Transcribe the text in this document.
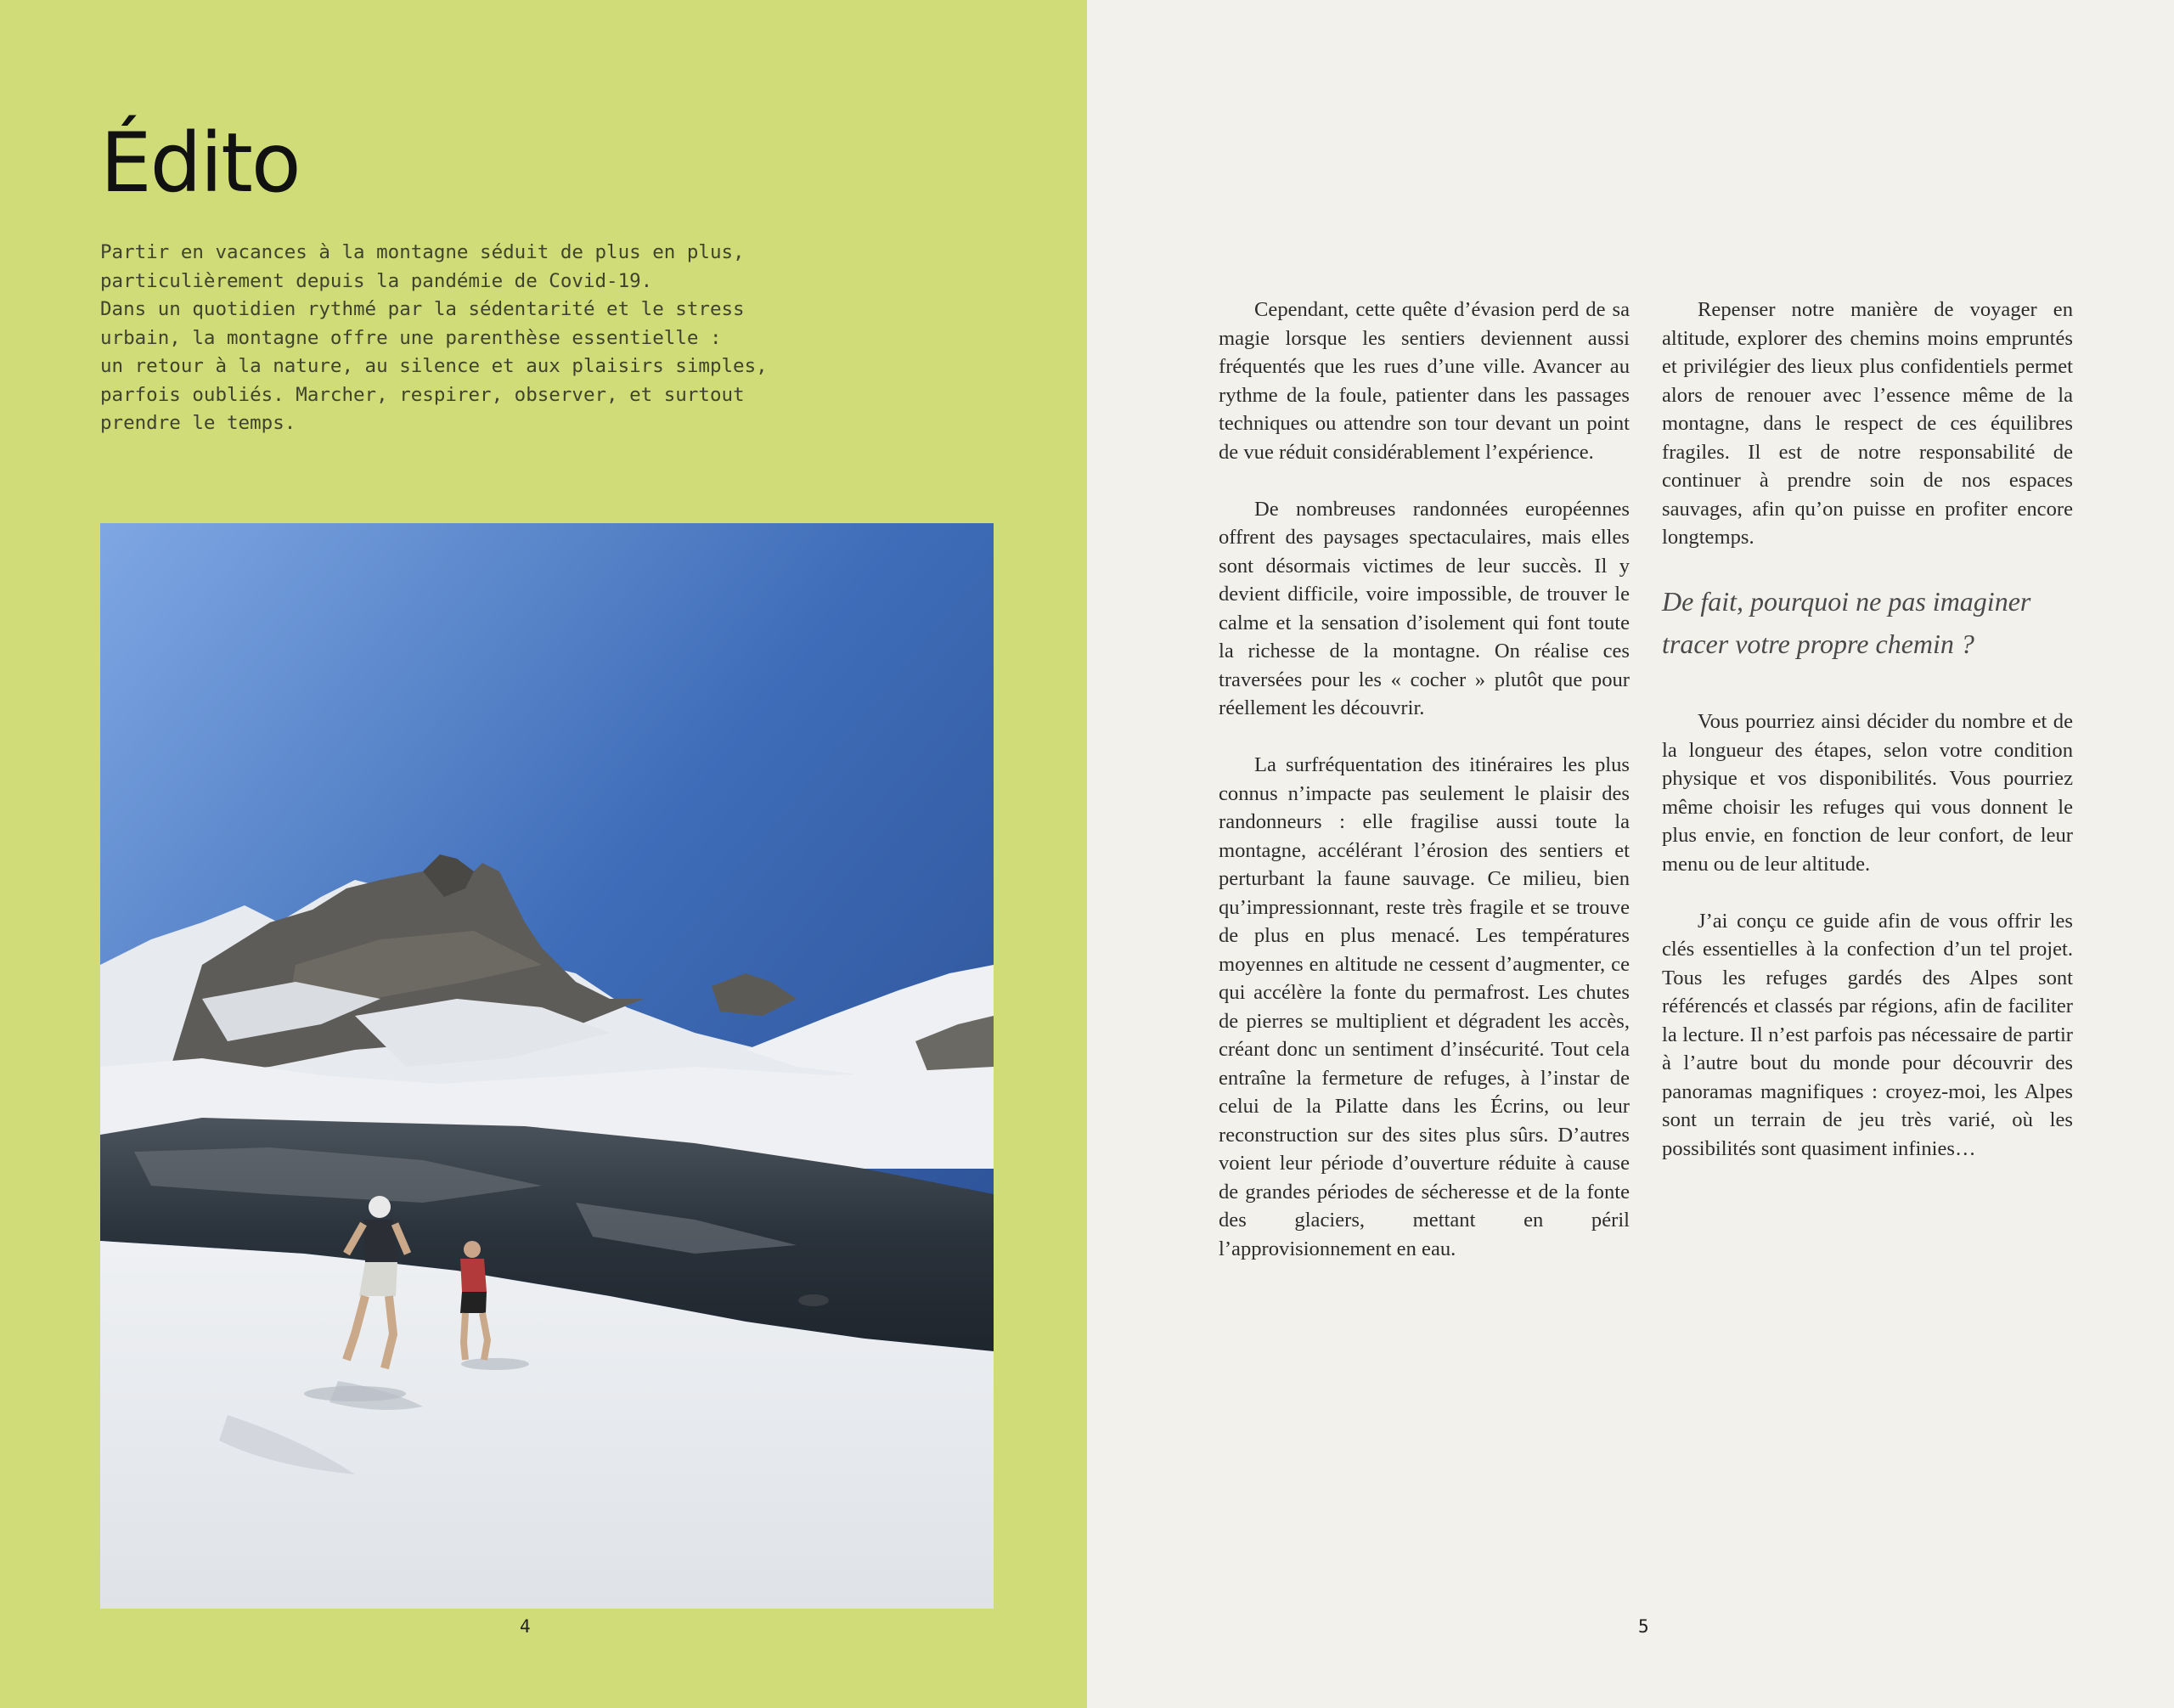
Édito
Partir en vacances à la montagne séduit de plus en plus,
particulièrement depuis la pandémie de Covid-19.
Dans un quotidien rythmé par la sédentarité et le stress
urbain, la montagne offre une parenthèse essentielle :
un retour à la nature, au silence et aux plaisirs simples,
parfois oubliés. Marcher, respirer, observer, et surtout
prendre le temps.
4

Cependant, cette quête d’évasion perd de sa magie lorsque les sentiers deviennent aussi fréquentés que les rues d’une ville. Avancer au rythme de la foule, patienter dans les passages techniques ou attendre son tour devant un point de vue réduit considérablement l’expérience.

De nombreuses randonnées européennes offrent des paysages spectaculaires, mais elles sont désormais victimes de leur succès. Il y devient difficile, voire impossible, de trouver le calme et la sensation d’isolement qui font toute la richesse de la montagne. On réalise ces traversées pour les « cocher » plutôt que pour réellement les découvrir.

La surfréquentation des itinéraires les plus connus n’impacte pas seulement le plaisir des randonneurs : elle fragilise aussi toute la montagne, accélérant l’érosion des sentiers et perturbant la faune sauvage. Ce milieu, bien qu’impressionnant, reste très fragile et se trouve de plus en plus menacé. Les températures moyennes en altitude ne cessent d’augmenter, ce qui accélère la fonte du permafrost. Les chutes de pierres se multiplient et dégradent les accès, créant donc un sentiment d’insécurité. Tout cela entraîne la fermeture de refuges, à l’instar de celui de la Pilatte dans les Écrins, ou leur reconstruction sur des sites plus sûrs. D’autres voient leur période d’ouverture réduite à cause de grandes périodes de sécheresse et de la fonte des glaciers, mettant en péril l’approvisionnement en eau.

Repenser notre manière de voyager en altitude, explorer des chemins moins empruntés et privilégier des lieux plus confidentiels permet alors de renouer avec l’essence même de la montagne, dans le respect de ces équilibres fragiles. Il est de notre responsabilité de continuer à prendre soin de nos espaces sauvages, afin qu’on puisse en profiter encore longtemps.

De fait, pourquoi ne pas imaginer tracer votre propre chemin ?

Vous pourriez ainsi décider du nombre et de la longueur des étapes, selon votre condition physique et vos disponibilités. Vous pourriez même choisir les refuges qui vous donnent le plus envie, en fonction de leur confort, de leur menu ou de leur altitude.

J’ai conçu ce guide afin de vous offrir les clés essentielles à la confection d’un tel projet. Tous les refuges gardés des Alpes sont référencés et classés par régions, afin de faciliter la lecture. Il n’est parfois pas nécessaire de partir à l’autre bout du monde pour découvrir des panoramas magnifiques : croyez-moi, les Alpes sont un terrain de jeu très varié, où les possibilités sont quasiment infinies…

5
